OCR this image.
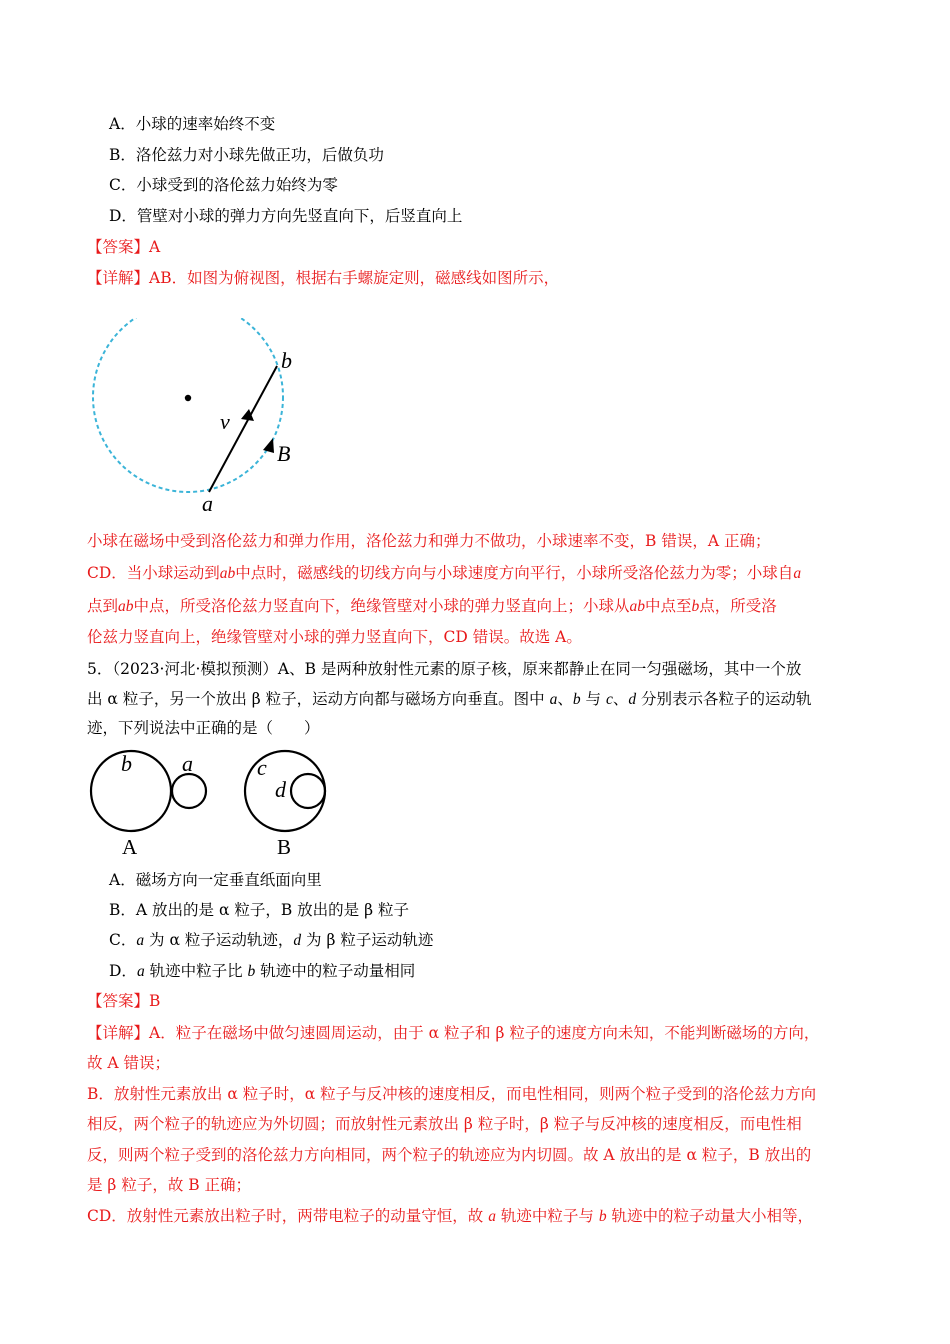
A．小球的速率始终不变
B．洛伦兹力对小球先做正功，后做负功
C．小球受到的洛伦兹力始终为零
D．管壁对小球的弹力方向先竖直向下，后竖直向上
【答案】A
【详解】AB．如图为俯视图，根据右手螺旋定则，磁感线如图所示，
b
v
B
a
小球在磁场中受到洛伦兹力和弹力作用，洛伦兹力和弹力不做功，小球速率不变，B 错误，A 正确；
CD．当小球运动到ab中点时，磁感线的切线方向与小球速度方向平行，小球所受洛伦兹力为零；小球自a
点到ab中点，所受洛伦兹力竖直向下，绝缘管壁对小球的弹力竖直向上；小球从ab中点至b点，所受洛
伦兹力竖直向上，绝缘管壁对小球的弹力竖直向下，CD 错误。故选 A。
5．（2023·河北·模拟预测）A、B 是两种放射性元素的原子核，原来都静止在同一匀强磁场，其中一个放
出 α 粒子，另一个放出 β 粒子，运动方向都与磁场方向垂直。图中 a、b 与 c、d 分别表示各粒子的运动轨
迹，下列说法中正确的是（　　）
b a
A
c
d
B
A．磁场方向一定垂直纸面向里
B．A 放出的是 α 粒子，B 放出的是 β 粒子
C．a 为 α 粒子运动轨迹，d 为 β 粒子运动轨迹
D．a 轨迹中粒子比 b 轨迹中的粒子动量相同
【答案】B
【详解】A．粒子在磁场中做匀速圆周运动，由于 α 粒子和 β 粒子的速度方向未知，不能判断磁场的方向，
故 A 错误；
B．放射性元素放出 α 粒子时，α 粒子与反冲核的速度相反，而电性相同，则两个粒子受到的洛伦兹力方向
相反，两个粒子的轨迹应为外切圆；而放射性元素放出 β 粒子时，β 粒子与反冲核的速度相反，而电性相
反，则两个粒子受到的洛伦兹力方向相同，两个粒子的轨迹应为内切圆。故 A 放出的是 α 粒子，B 放出的
是 β 粒子，故 B 正确；
CD．放射性元素放出粒子时，两带电粒子的动量守恒，故 a 轨迹中粒子与 b 轨迹中的粒子动量大小相等，
